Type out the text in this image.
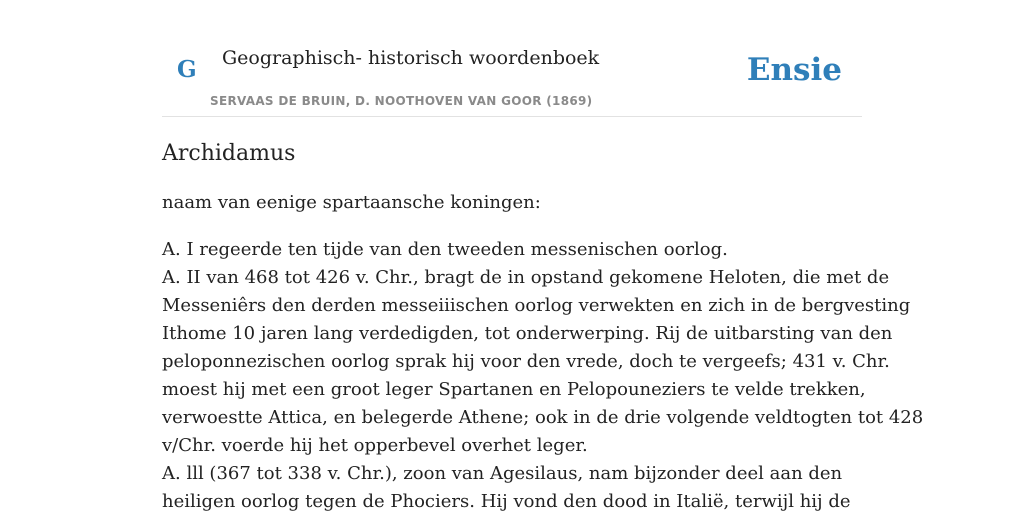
G Geographisch- historisch woordenboek
SERVAAS DE BRUIN, D. NOOTHOVEN VAN GOOR (1869)
Ensie
Archidamus

naam van eenige spartaansche koningen:

A. I regeerde ten tijde van den tweeden messenischen oorlog.

A. II van 468 tot 426 v. Chr., bragt de in opstand gekomene Heloten, die met de

Messeniêrs den derden messeiiischen oorlog verwekten en zich in de bergvesting

Ithome 10 jaren lang verdedigden, tot onderwerping. Rij de uitbarsting van den

peloponnezischen oorlog sprak hij voor den vrede, doch te vergeefs; 431 v. Chr.

moest hij met een groot leger Spartanen en Pelopouneziers te velde trekken,

verwoestte Attica, en belegerde Athene; ook in de drie volgende veldtogten tot 428

v/Chr. voerde hij het opperbevel overhet leger.

A. lll (367 tot 338 v. Chr.), zoon van Agesilaus, nam bijzonder deel aan den

heiligen oorlog tegen de Phociers. Hij vond den dood in Italië, terwijl hij de
